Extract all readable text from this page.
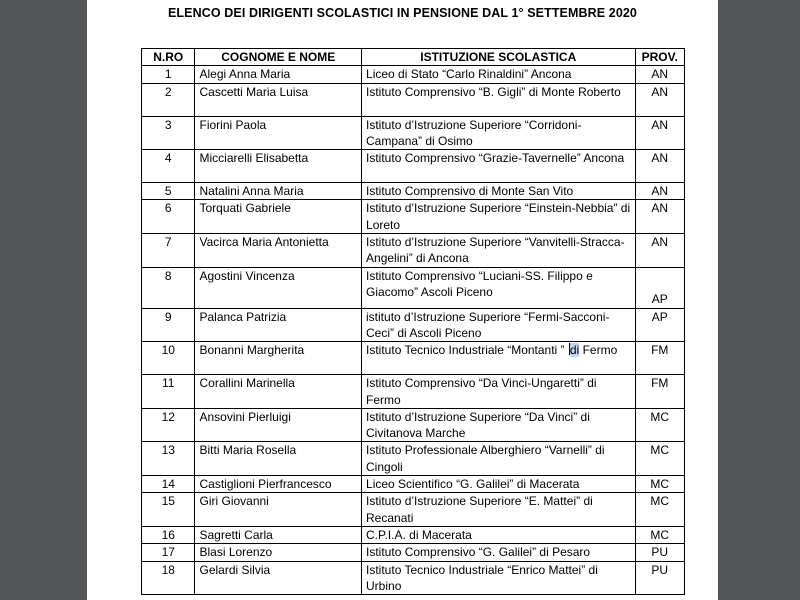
ELENCO DEI DIRIGENTI SCOLASTICI IN PENSIONE DAL 1° SETTEMBRE 2020
N.RO	COGNOME E NOME	ISTITUZIONE SCOLASTICA	PROV.
1	Alegi Anna Maria	Liceo di Stato “Carlo Rinaldini” Ancona	AN
2	Cascetti Maria Luisa	Istituto Comprensivo “B. Gigli” di Monte Roberto	AN
3	Fiorini Paola	Istituto d’Istruzione Superiore “Corridoni-Campana” di Osimo	AN
4	Micciarelli Elisabetta	Istituto Comprensivo “Grazie-Tavernelle” Ancona	AN
5	Natalini Anna Maria	Istituto Comprensivo di Monte San Vito	AN
6	Torquati Gabriele	Istituto d’Istruzione Superiore “Einstein-Nebbia” di Loreto	AN
7	Vacirca Maria Antonietta	Istituto d’Istruzione Superiore “Vanvitelli-Stracca-Angelini” di Ancona	AN
8	Agostini Vincenza	Istituto Comprensivo “Luciani-SS. Filippo e Giacomo” Ascoli Piceno	AP
9	Palanca Patrizia	istituto d’Istruzione Superiore “Fermi-Sacconi-Ceci” di Ascoli Piceno	AP
10	Bonanni Margherita	Istituto Tecnico Industriale “Montanti ” di Fermo	FM
11	Corallini Marinella	Istituto Comprensivo “Da Vinci-Ungaretti” di Fermo	FM
12	Ansovini Pierluigi	Istituto d’Istruzione Superiore “Da Vinci” di Civitanova Marche	MC
13	Bitti Maria Rosella	Istituto Professionale Alberghiero “Varnelli” di Cingoli	MC
14	Castiglioni Pierfrancesco	Liceo Scientifico “G. Galilei” di Macerata	MC
15	Giri Giovanni	Istituto d’Istruzione Superiore “E. Mattei” di Recanati	MC
16	Sagretti Carla	C.P.I.A. di Macerata	MC
17	Blasi Lorenzo	Istituto Comprensivo “G. Galilei” di Pesaro	PU
18	Gelardi Silvia	Istituto Tecnico Industriale “Enrico Mattei” di Urbino	PU
